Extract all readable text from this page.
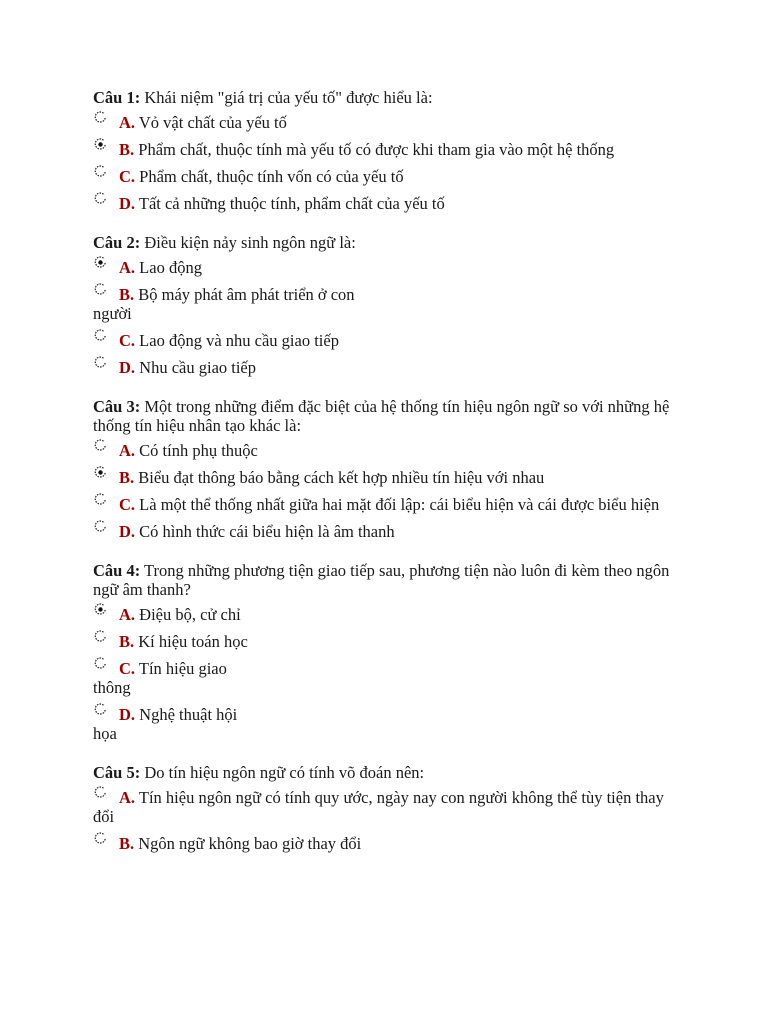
Câu 1: Khái niệm "giá trị của yếu tố" được hiểu là:
A. Vỏ vật chất của yếu tố
B. Phẩm chất, thuộc tính mà yếu tố có được khi tham gia vào một hệ thống
C. Phẩm chất, thuộc tính vốn có của yếu tố
D. Tất cả những thuộc tính, phẩm chất của yếu tố
Câu 2: Điều kiện nảy sinh ngôn ngữ là:
A. Lao động
B. Bộ máy phát âm phát triển ở con người
C. Lao động và nhu cầu giao tiếp
D. Nhu cầu giao tiếp
Câu 3: Một trong những điểm đặc biệt của hệ thống tín hiệu ngôn ngữ so với những hệ thống tín hiệu nhân tạo khác là:
A. Có tính phụ thuộc
B. Biểu đạt thông báo bằng cách kết hợp nhiều tín hiệu với nhau
C. Là một thể thống nhất giữa hai mặt đối lập: cái biểu hiện và cái được biểu hiện
D. Có hình thức cái biểu hiện là âm thanh
Câu 4: Trong những phương tiện giao tiếp sau, phương tiện nào luôn đi kèm theo ngôn ngữ âm thanh?
A. Điệu bộ, cử chỉ
B. Kí hiệu toán học
C. Tín hiệu giao thông
D. Nghệ thuật hội họa
Câu 5: Do tín hiệu ngôn ngữ có tính võ đoán nên:
A. Tín hiệu ngôn ngữ có tính quy ước, ngày nay con người không thể tùy tiện thay đổi
B. Ngôn ngữ không bao giờ thay đổi
